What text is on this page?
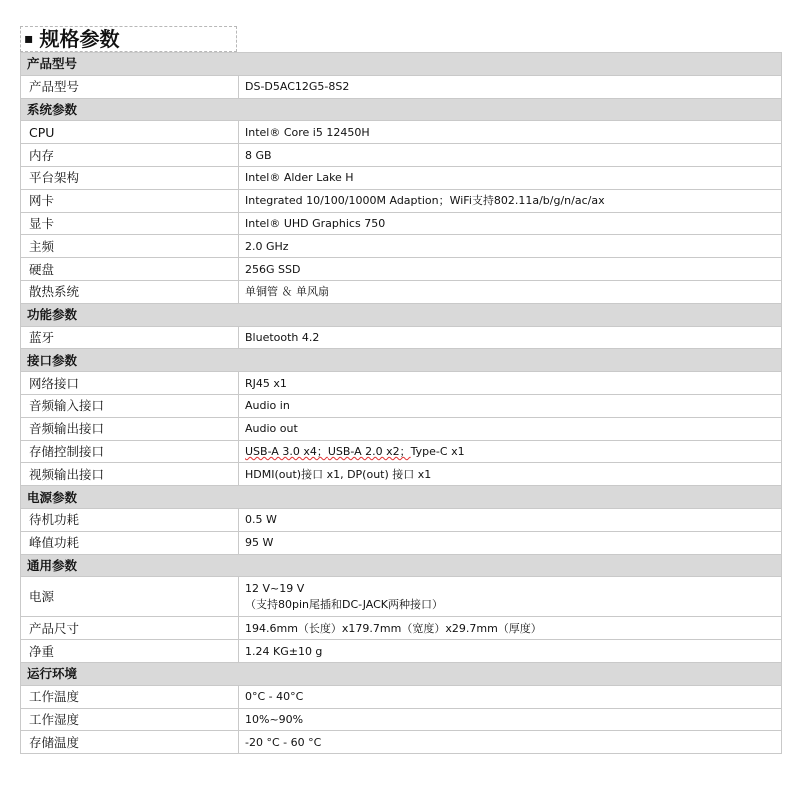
▪ 规格参数
产品型号	
产品型号	DS-D5AC12G5-8S2
系统参数	
CPU	Intel® Core i5 12450H
内存	8 GB
平台架构	Intel® Alder Lake H
网卡	Integrated 10/100/1000M Adaption；WiFi支持802.11a/b/g/n/ac/ax
显卡	Intel® UHD Graphics 750
主频	2.0 GHz
硬盘	256G SSD
散热系统	单铜管 ＆ 单风扇
功能参数	
蓝牙	Bluetooth 4.2
接口参数	
网络接口	RJ45 x1
音频输入接口	Audio in
音频输出接口	Audio out
存储控制接口	USB-A 3.0 x4；USB-A 2.0 x2；Type-C x1
视频输出接口	HDMI(out)接口 x1, DP(out) 接口 x1
电源参数	
待机功耗	0.5 W
峰值功耗	95 W
通用参数	
电源	12 V~19 V
（支持80pin尾插和DC-JACK两种接口）

产品尺寸	194.6mm（长度）x179.7mm（宽度）x29.7mm（厚度）
净重	1.24 KG±10 g
运行环境	
工作温度	0°C - 40°C
工作湿度	10%~90%
存储温度	-20 °C - 60 °C
